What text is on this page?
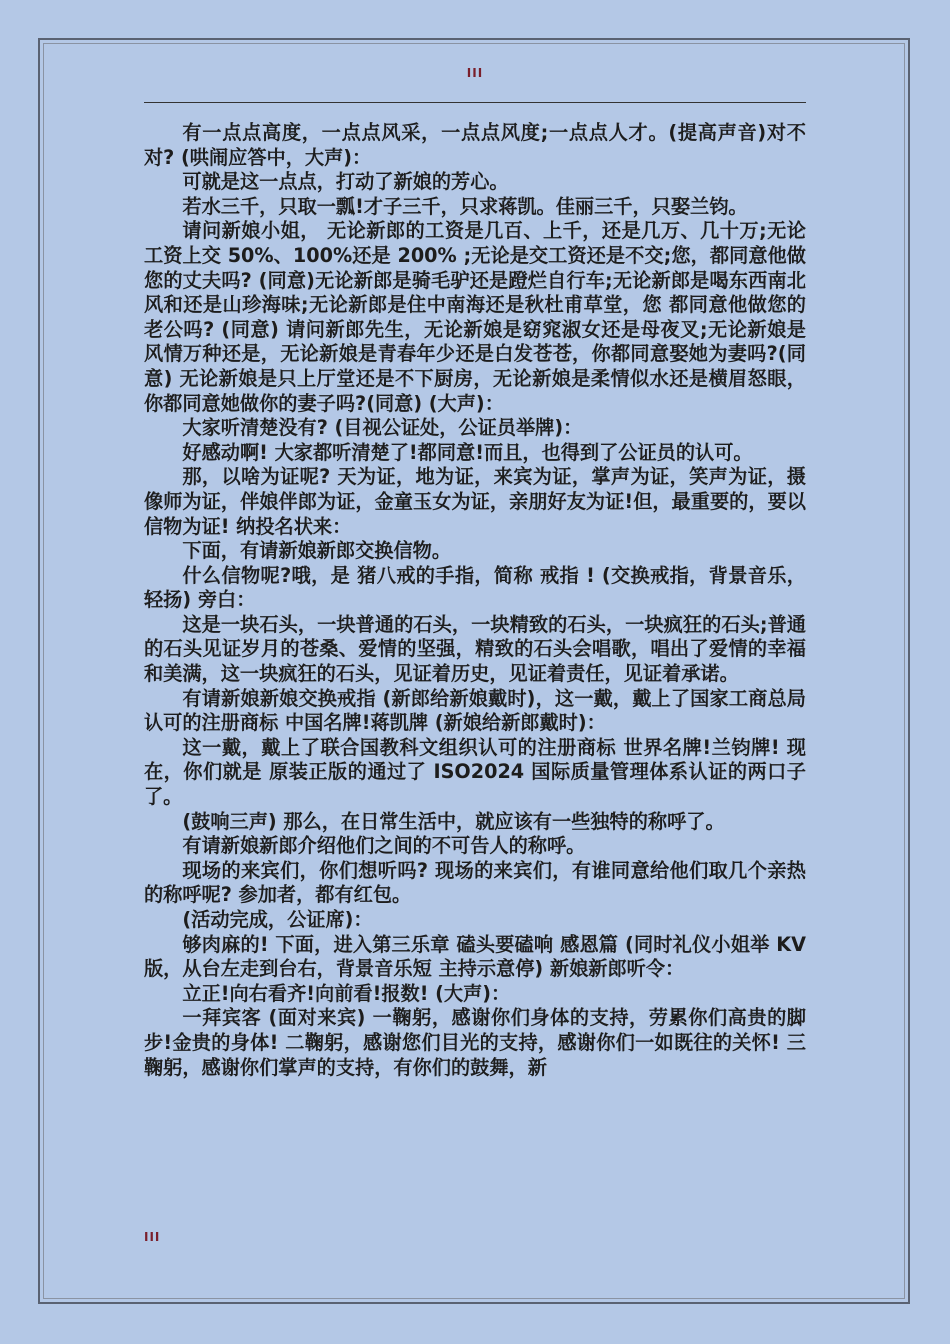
III

有一点点高度，一点点风采，一点点风度;一点点人才。(提高声音)对不对? (哄闹应答中，大声)：

可就是这一点点，打动了新娘的芳心。

若水三千，只取一瓢!才子三千，只求蒋凯。佳丽三千，只娶兰钧。

请问新娘小姐， 无论新郎的工资是几百、上千，还是几万、几十万;无论工资上交 50%、100%还是 200% ;无论是交工资还是不交;您，都同意他做您的丈夫吗? (同意)无论新郎是骑毛驴还是蹬烂自行车;无论新郎是喝东西南北风和还是山珍海味;无论新郎是住中南海还是秋杜甫草堂，您 都同意他做您的老公吗? (同意) 请问新郎先生，无论新娘是窈窕淑女还是母夜叉;无论新娘是风情万种还是，无论新娘是青春年少还是白发苍苍，你都同意娶她为妻吗?(同意) 无论新娘是只上厅堂还是不下厨房，无论新娘是柔情似水还是横眉怒眼，你都同意她做你的妻子吗?(同意) (大声)：

大家听清楚没有? (目视公证处，公证员举牌)：

好感动啊! 大家都听清楚了!都同意!而且，也得到了公证员的认可。

那，以啥为证呢? 天为证，地为证，来宾为证，掌声为证，笑声为证，摄像师为证，伴娘伴郎为证，金童玉女为证，亲朋好友为证!但，最重要的，要以信物为证! 纳投名状来：

下面，有请新娘新郎交换信物。

什么信物呢?哦，是 猪八戒的手指，简称 戒指 ! (交换戒指，背景音乐，轻扬) 旁白：

这是一块石头，一块普通的石头，一块精致的石头，一块疯狂的石头;普通的石头见证岁月的苍桑、爱情的坚强，精致的石头会唱歌，唱出了爱情的幸福和美满，这一块疯狂的石头，见证着历史，见证着责任，见证着承诺。

有请新娘新娘交换戒指 (新郎给新娘戴时)，这一戴，戴上了国家工商总局认可的注册商标 中国名牌!蒋凯牌 (新娘给新郎戴时)：

这一戴，戴上了联合国教科文组织认可的注册商标 世界名牌!兰钧牌! 现在，你们就是 原装正版的通过了 ISO2024 国际质量管理体系认证的两口子了。

(鼓响三声) 那么，在日常生活中，就应该有一些独特的称呼了。

有请新娘新郎介绍他们之间的不可告人的称呼。

现场的来宾们，你们想听吗? 现场的来宾们，有谁同意给他们取几个亲热的称呼呢? 参加者，都有红包。

(活动完成，公证席)：

够肉麻的! 下面，进入第三乐章 磕头要磕响 感恩篇 (同时礼仪小姐举 KV 版，从台左走到台右，背景音乐短 主持示意停) 新娘新郎听令：

立正!向右看齐!向前看!报数! (大声)：

一拜宾客 (面对来宾) 一鞠躬，感谢你们身体的支持，劳累你们高贵的脚步!金贵的身体! 二鞠躬，感谢您们目光的支持，感谢你们一如既往的关怀! 三鞠躬，感谢你们掌声的支持，有你们的鼓舞，新

III
